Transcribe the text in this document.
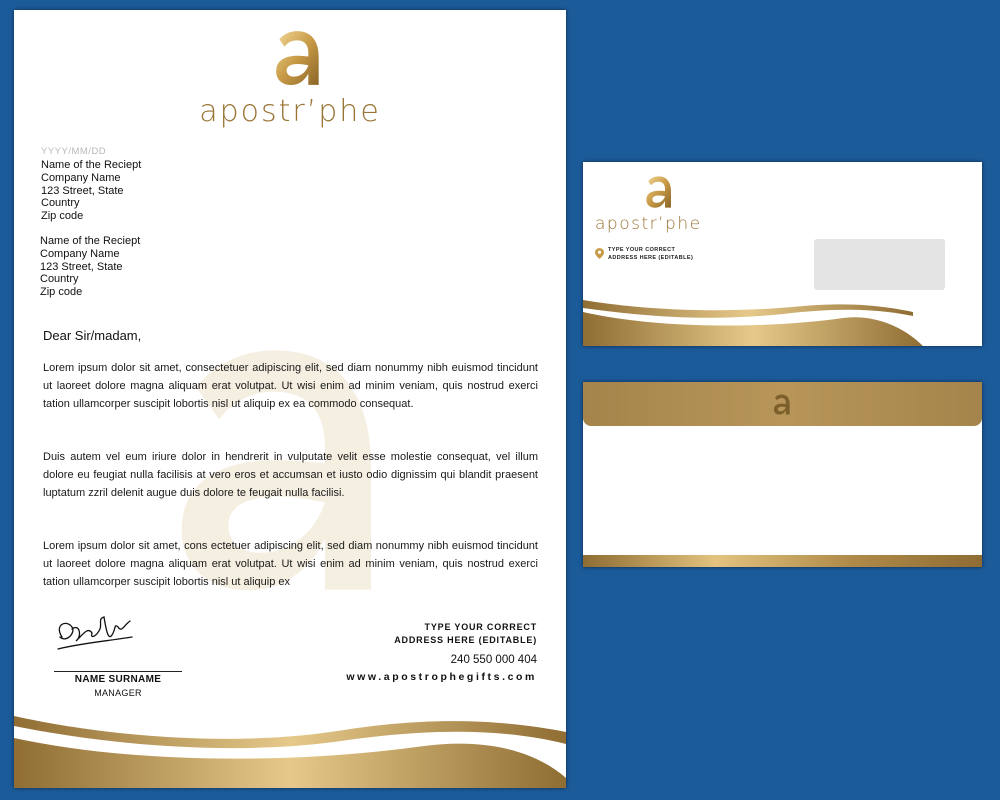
apostr’phe
YYYY/MM/DD
Name of the Reciept
Company Name
123 Street, State
Country
Zip code
Name of the Reciept
Company Name
123 Street, State
Country
Zip code
Dear Sir/madam,

Lorem ipsum dolor sit amet, consectetuer adipiscing elit, sed diam nonummy nibh euismod tincidunt ut laoreet dolore magna aliquam erat volutpat. Ut wisi enim ad minim veniam, quis nostrud exerci tation ullamcorper suscipit lobortis nisl ut aliquip ex ea commodo consequat.

Duis autem vel eum iriure dolor in hendrerit in vulputate velit esse molestie consequat, vel illum dolore eu feugiat nulla facilisis at vero eros et accumsan et iusto odio dignissim qui blandit praesent luptatum zzril delenit augue duis dolore te feugait nulla facilisi.

Lorem ipsum dolor sit amet, cons ectetuer adipiscing elit, sed diam nonummy nibh euismod tincidunt ut laoreet dolore magna aliquam erat volutpat. Ut wisi enim ad minim veniam, quis nostrud exerci tation ullamcorper suscipit lobortis nisl ut aliquip ex

NAME SURNAME
MANAGER
TYPE YOUR CORRECT
ADDRESS HERE (EDITABLE)
240 550 000 404
www.apostrophegifts.com
apostr’phe
TYPE YOUR CORRECT
ADDRESS HERE (EDITABLE)
